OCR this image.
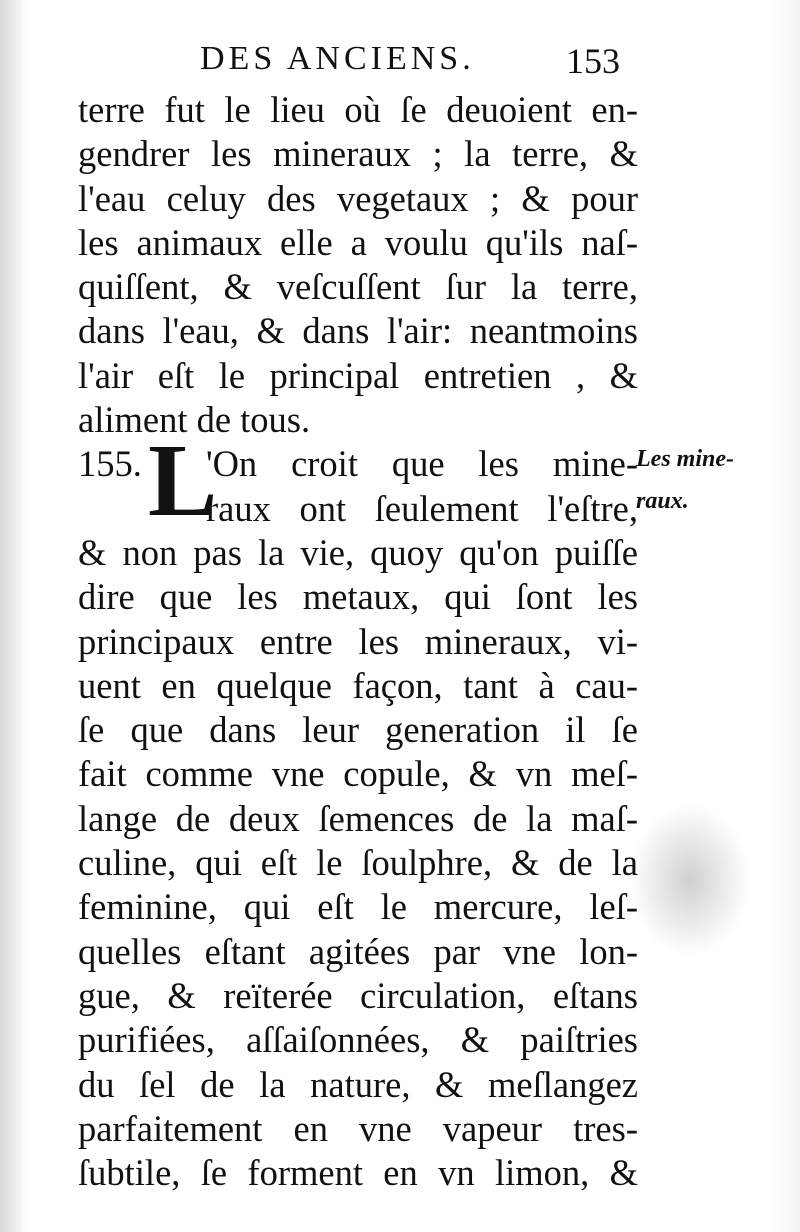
DES ANCIENS.	153
terre fut le lieu où ſe deuoient en-
gendrer les mineraux ; la terre, &
l'eau celuy des vegetaux ; & pour
les animaux elle a voulu qu'ils naſ-
quiſſent, & veſcuſſent ſur la terre,
dans l'eau, & dans l'air: neantmoins
l'air eſt le principal entretien , &
aliment de tous.
155. L
'On croit que les mine-
raux ont ſeulement l'eſtre,
& non pas la vie, quoy qu'on puiſſe
dire que les metaux, qui ſont les
principaux entre les mineraux, vi-
uent en quelque façon, tant à cau-
ſe que dans leur generation il ſe
fait comme vne copule, & vn meſ-
lange de deux ſemences de la maſ-
culine, qui eſt le ſoulphre, & de la
feminine, qui eſt le mercure, leſ-
quelles eſtant agitées par vne lon-
gue, & reïterée circulation, eſtans
purifiées, aſſaiſonnées, & paiſtries
du ſel de la nature, & meſlangez
parfaitement en vne vapeur tres-
ſubtile, ſe forment en vn limon, &
Les mine-
raux.
